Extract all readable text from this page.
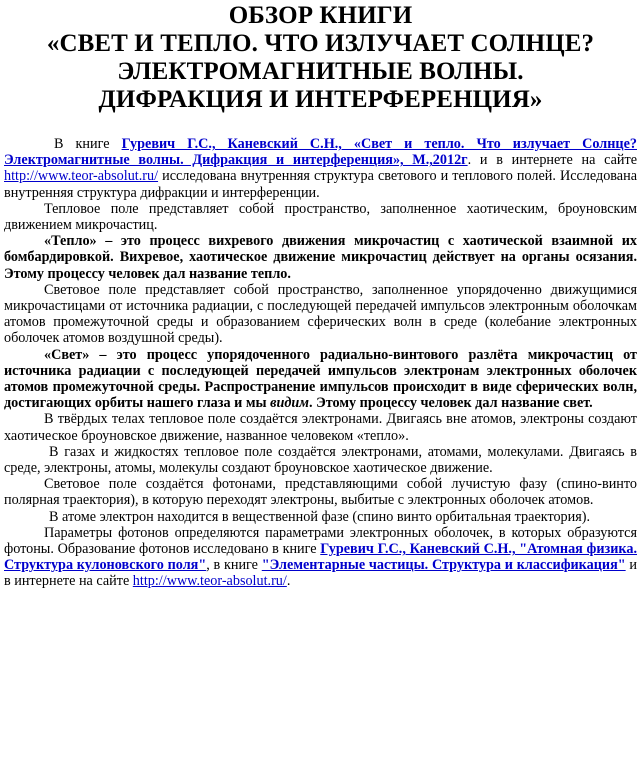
ОБЗОР КНИГИ
«СВЕТ И ТЕПЛО. ЧТО ИЗЛУЧАЕТ СОЛНЦЕ?
ЭЛЕКТРОМАГНИТНЫЕ ВОЛНЫ.
ДИФРАКЦИЯ И ИНТЕРФЕРЕНЦИЯ»

В книге Гуревич Г.С., Каневский С.Н., «Свет и тепло. Что излучает Солнце? Электромагнитные волны. Дифракция и интерференция», М.,2012г. и в интернете на сайте http://www.teor-absolut.ru/ исследована внутренняя структура светового и теплового полей. Исследована внутренняя структура дифракции и интерференции.

Тепловое поле представляет собой пространство, заполненное хаотическим, броуновским движением микрочастиц.

«Тепло» – это процесс вихревого движения микрочастиц с хаотической взаимной их бомбардировкой. Вихревое, хаотическое движение микрочастиц действует на органы осязания. Этому процессу человек дал название тепло.

Световое поле представляет собой пространство, заполненное упорядоченно движущимися микрочастицами от источника радиации, с последующей передачей импульсов электронным оболочкам атомов промежуточной среды и образованием сферических волн в среде (колебание электронных оболочек атомов воздушной среды).

«Свет» – это процесс упорядоченного радиально-винтового разлёта микрочастиц от источника радиации с последующей передачей импульсов электронам электронных оболочек атомов промежуточной среды. Распространение импульсов происходит в виде сферических волн, достигающих орбиты нашего глаза и мы видим. Этому процессу человек дал название свет.

В твёрдых телах тепловое поле создаётся электронами. Двигаясь вне атомов, электроны создают хаотическое броуновское движение, названное человеком «тепло».

В газах и жидкостях тепловое поле создаётся электронами, атомами, молекулами. Двигаясь в среде, электроны, атомы, молекулы создают броуновское хаотическое движение.

Световое поле создаётся фотонами, представляющими собой лучистую фазу (спино-винто полярная траектория), в которую переходят электроны, выбитые с электронных оболочек атомов.

В атоме электрон находится в вещественной фазе (спино винто орбитальная траектория).

Параметры фотонов определяются параметрами электронных оболочек, в которых образуются фотоны. Образование фотонов исследовано в книге Гуревич Г.С., Каневский С.Н., "Атомная физика. Структура кулоновского поля", в книге "Элементарные частицы. Структура и классификация" и в интернете на сайте http://www.teor-absolut.ru/.
